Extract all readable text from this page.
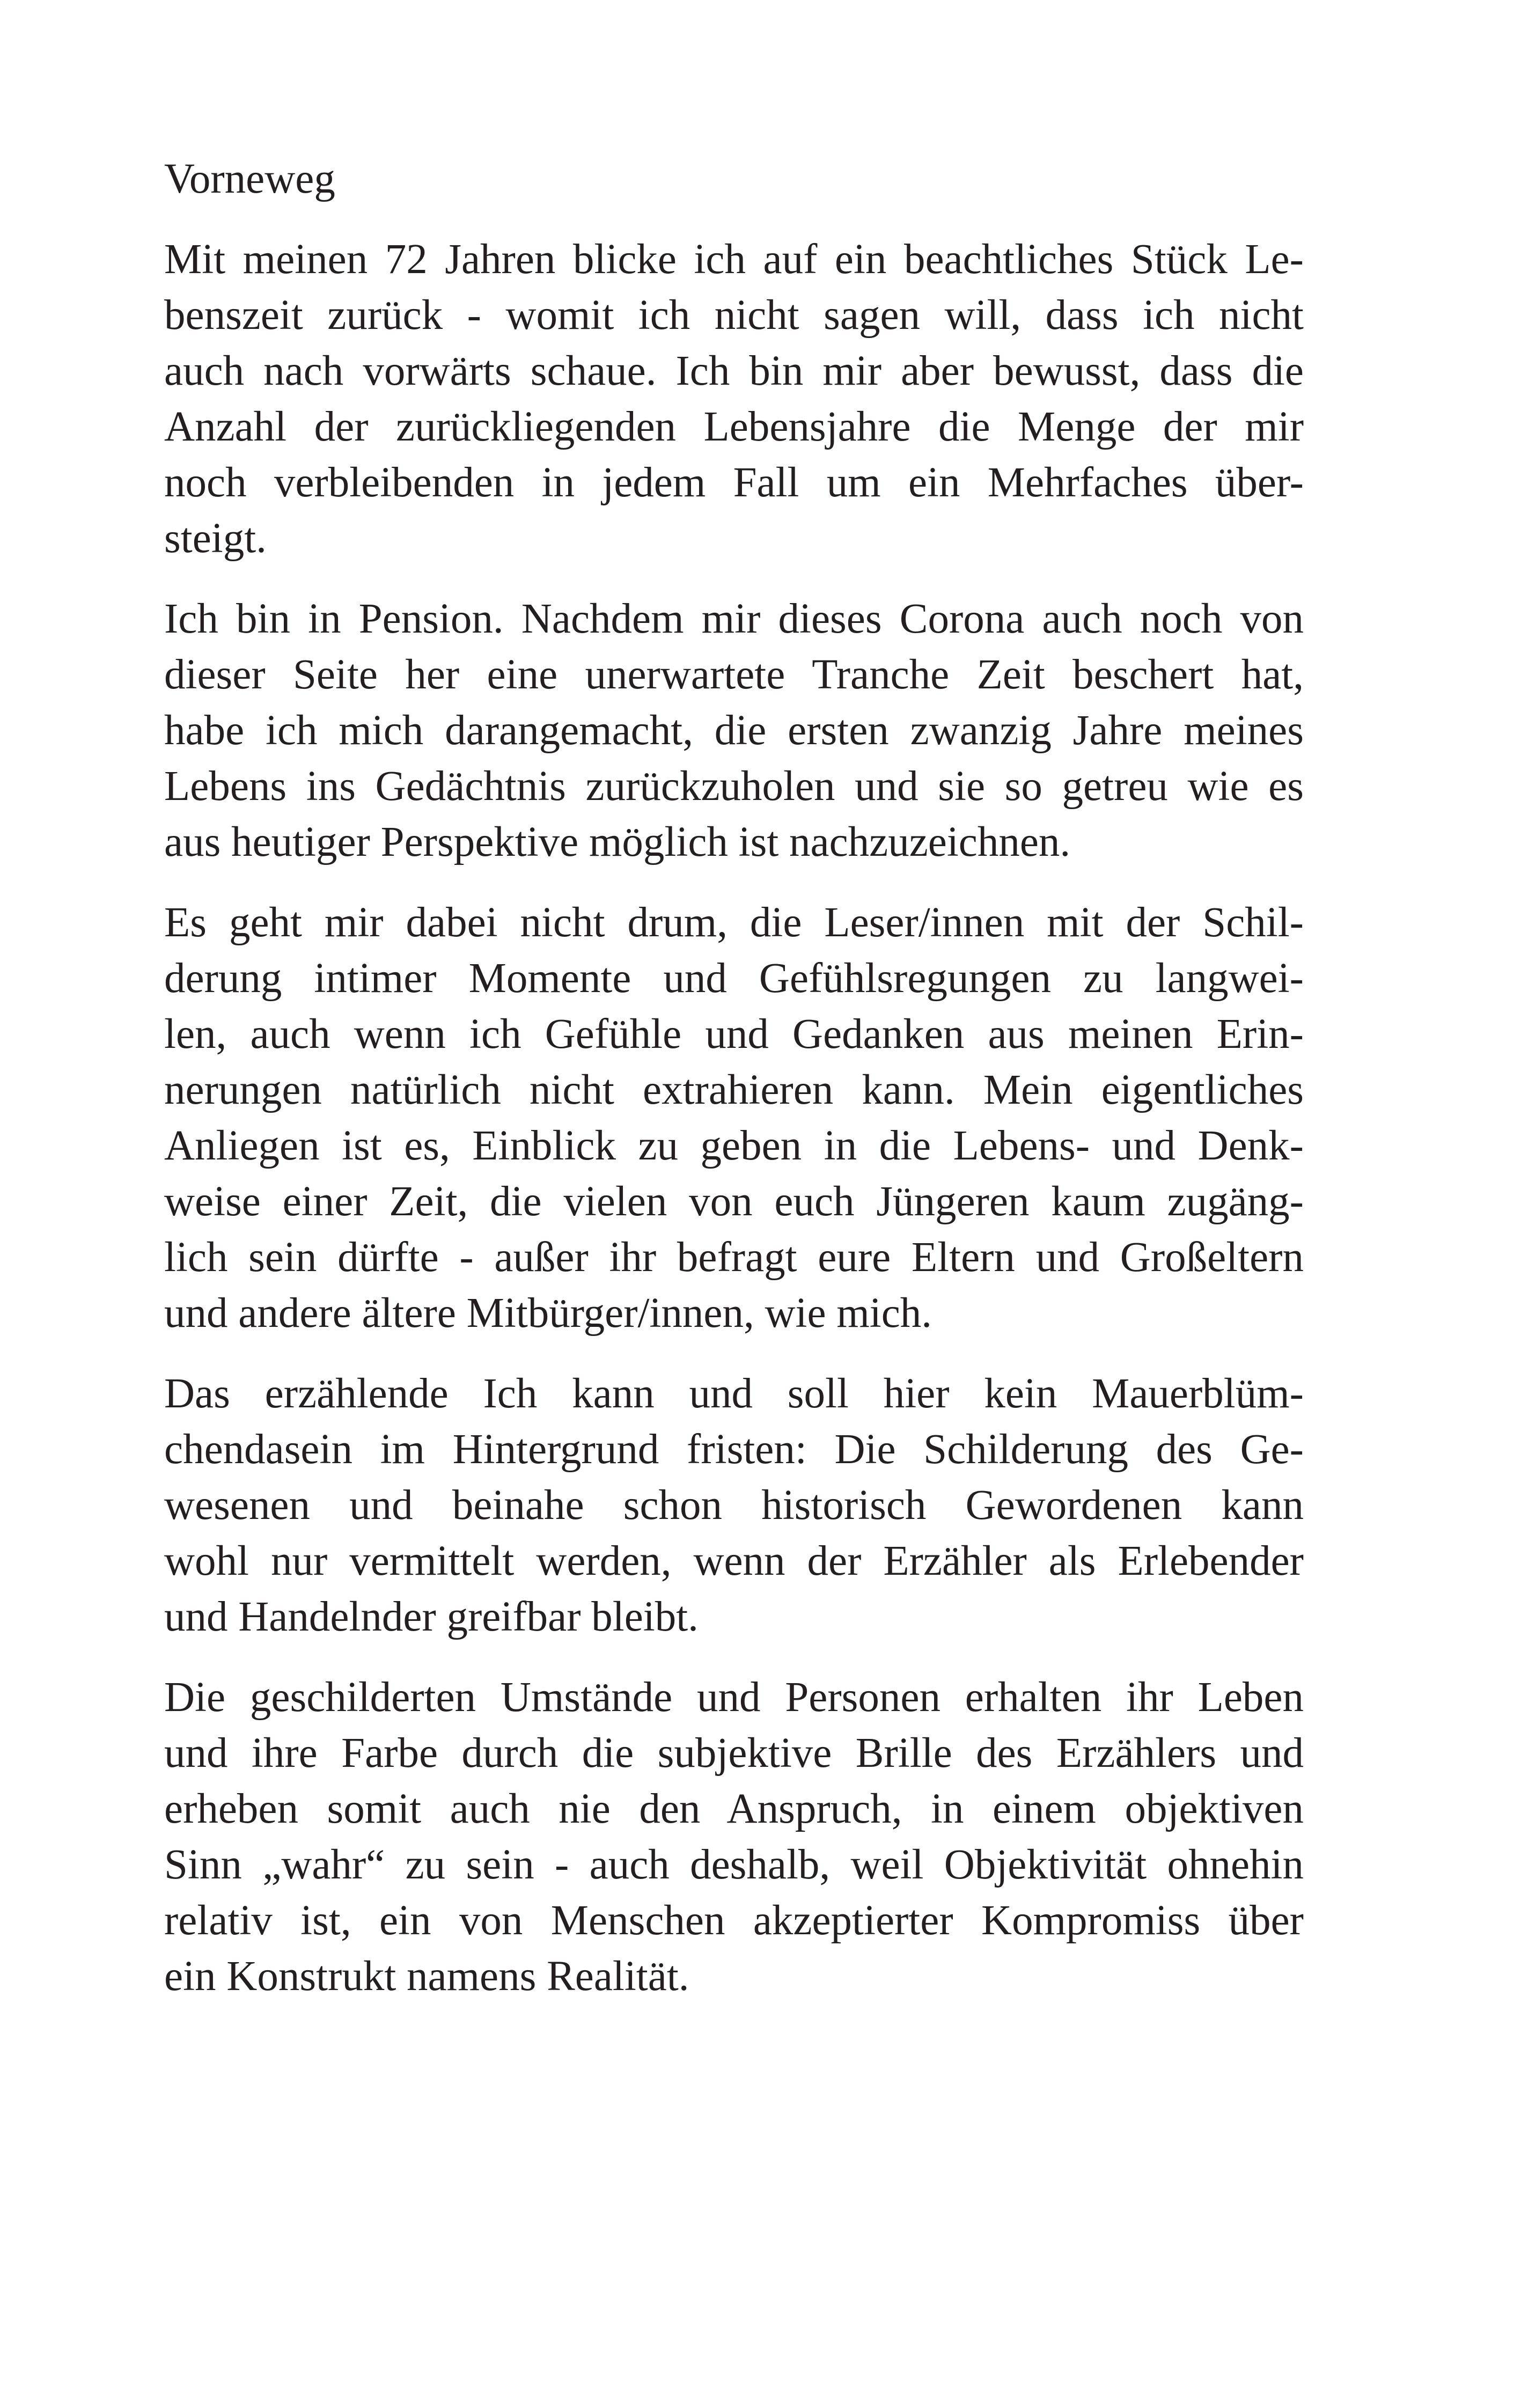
Vorneweg
Mit meinen 72 Jahren blicke ich auf ein beachtliches Stück Le-
benszeit zurück - womit ich nicht sagen will, dass ich nicht
auch nach vorwärts schaue. Ich bin mir aber bewusst, dass die
Anzahl der zurückliegenden Lebensjahre die Menge der mir
noch verbleibenden in jedem Fall um ein Mehrfaches über-
steigt.
Ich bin in Pension. Nachdem mir dieses Corona auch noch von
dieser Seite her eine unerwartete Tranche Zeit beschert hat,
habe ich mich darangemacht, die ersten zwanzig Jahre meines
Lebens ins Gedächtnis zurückzuholen und sie so getreu wie es
aus heutiger Perspektive möglich ist nachzuzeichnen.
Es geht mir dabei nicht drum, die Leser/innen mit der Schil-
derung intimer Momente und Gefühlsregungen zu langwei-
len, auch wenn ich Gefühle und Gedanken aus meinen Erin-
nerungen natürlich nicht extrahieren kann. Mein eigentliches
Anliegen ist es, Einblick zu geben in die Lebens- und Denk-
weise einer Zeit, die vielen von euch Jüngeren kaum zugäng-
lich sein dürfte - außer ihr befragt eure Eltern und Großeltern
und andere ältere Mitbürger/innen, wie mich.
Das erzählende Ich kann und soll hier kein Mauerblüm-
chendasein im Hintergrund fristen: Die Schilderung des Ge-
wesenen und beinahe schon historisch Gewordenen kann
wohl nur vermittelt werden, wenn der Erzähler als Erlebender
und Handelnder greifbar bleibt.
Die geschilderten Umstände und Personen erhalten ihr Leben
und ihre Farbe durch die subjektive Brille des Erzählers und
erheben somit auch nie den Anspruch, in einem objektiven
Sinn „wahr“ zu sein - auch deshalb, weil Objektivität ohnehin
relativ ist, ein von Menschen akzeptierter Kompromiss über
ein Konstrukt namens Realität.
